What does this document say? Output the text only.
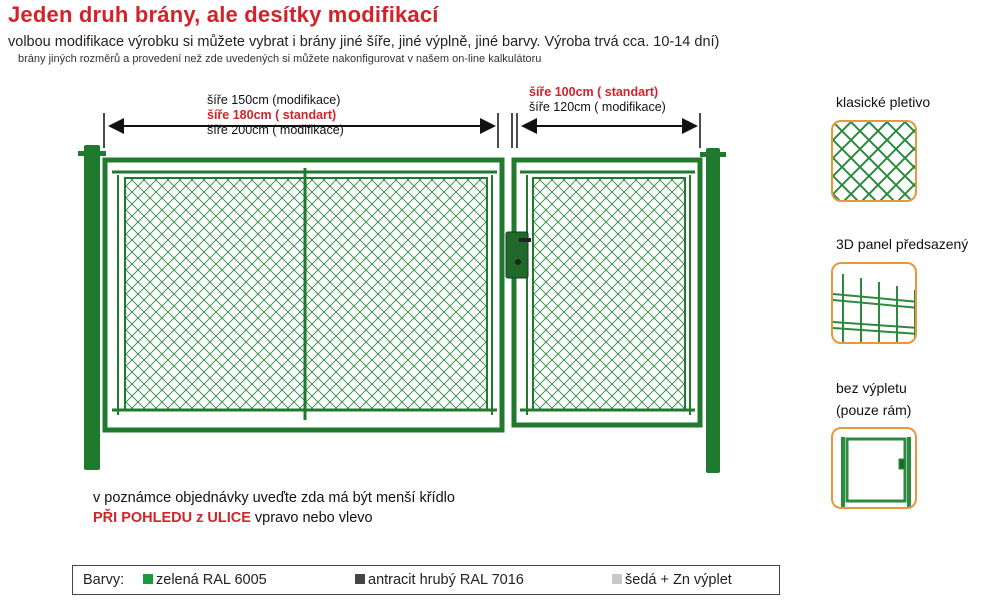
Jeden druh brány, ale desítky modifikací
volbou modifikace výrobku si můžete vybrat i brány jiné šíře, jiné výplně, jiné barvy. Výroba trvá cca. 10-14 dní)
brány jiných rozměrů a provedení než zde uvedených si můžete nakonfigurovat v našem on-line kalkulátoru
šíře 150cm (modifikace)
šíře 180cm ( standart)
šíře 200cm ( modifikace)
šíře 100cm ( standart)
šíře 120cm ( modifikace)
v poznámce objednávky uveďte zda má být menší křídlo
PŘI POHLEDU z ULICE vpravo nebo vlevo
Barvy:	zelená RAL 6005	antracit hrubý RAL 7016	šedá + Zn výplet
klasické pletivo
3D panel předsazený
bez výpletu
(pouze rám)
